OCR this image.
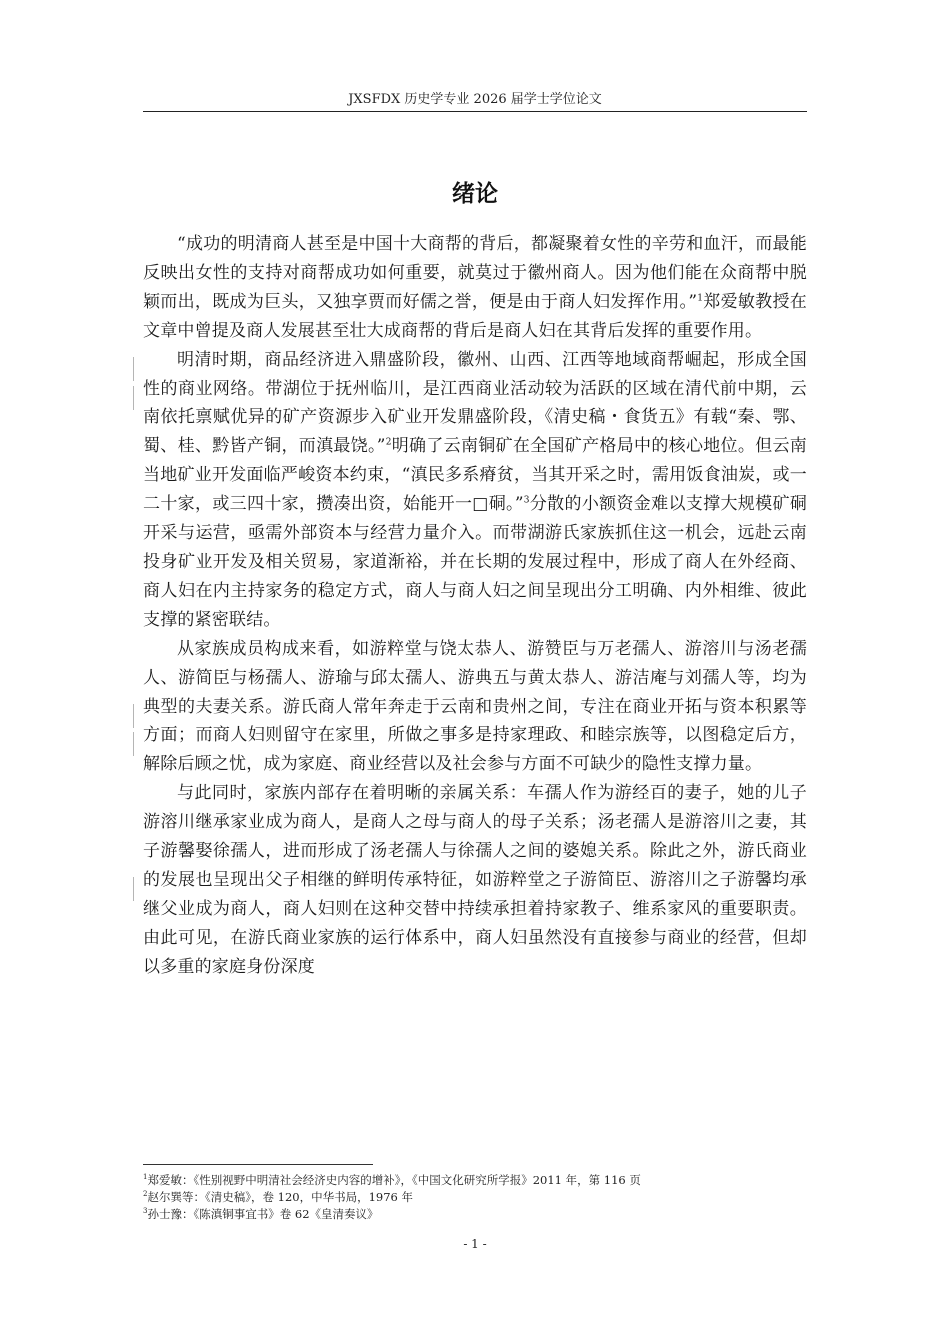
JXSFDX 历史学专业 2026 届学士学位论文
绪论

“成功的明清商人甚至是中国十大商帮的背后，都凝聚着女性的辛劳和血汗，而最能反映出女性的支持对商帮成功如何重要，就莫过于徽州商人。因为他们能在众商帮中脱颖而出，既成为巨头，又独享贾而好儒之誉，便是由于商人妇发挥作用。”$^1$郑爱敏教授在文章中曾提及商人发展甚至壮大成商帮的背后是商人妇在其背后发挥的重要作用。

明清时期，商品经济进入鼎盛阶段，徽州、山西、江西等地域商帮崛起，形成全国性的商业网络。带湖位于抚州临川，是江西商业活动较为活跃的区域在清代前中期，云南依托禀赋优异的矿产资源步入矿业开发鼎盛阶段，《清史稿・食货五》有载“秦、鄂、蜀、桂、黔皆产铜，而滇最饶。”$^2$明确了云南铜矿在全国矿产格局中的核心地位。但云南当地矿业开发面临严峻资本约束，“滇民多系瘠贫，当其开采之时，需用饭食油炭，或一二十家，或三四十家，攒凑出资，始能开一□硐。”$^3$分散的小额资金难以支撑大规模矿硐开采与运营，亟需外部资本与经营力量介入。而带湖游氏家族抓住这一机会，远赴云南投身矿业开发及相关贸易，家道渐裕，并在长期的发展过程中，形成了商人在外经商、商人妇在内主持家务的稳定方式，商人与商人妇之间呈现出分工明确、内外相维、彼此支撑的紧密联结。

从家族成员构成来看，如游粹堂与饶太恭人、游赞臣与万老孺人、游溶川与汤老孺人、游简臣与杨孺人、游瑜与邱太孺人、游典五与黄太恭人、游洁庵与刘孺人等，均为典型的夫妻关系。游氏商人常年奔走于云南和贵州之间，专注在商业开拓与资本积累等方面；而商人妇则留守在家里，所做之事多是持家理政、和睦宗族等，以图稳定后方，解除后顾之忧，成为家庭、商业经营以及社会参与方面不可缺少的隐性支撑力量。

与此同时，家族内部存在着明晰的亲属关系：车孺人作为游经百的妻子，她的儿子游溶川继承家业成为商人，是商人之母与商人的母子关系；汤老孺人是游溶川之妻，其子游馨娶徐孺人，进而形成了汤老孺人与徐孺人之间的婆媳关系。除此之外，游氏商业的发展也呈现出父子相继的鲜明传承特征，如游粹堂之子游简臣、游溶川之子游馨均承继父业成为商人，商人妇则在这种交替中持续承担着持家教子、维系家风的重要职责。由此可见，在游氏商业家族的运行体系中，商人妇虽然没有直接参与商业的经营，但却以多重的家庭身份深度

$^1$郑爱敏：《性别视野中明清社会经济史内容的增补》，《中国文化研究所学报》2011 年，第 116 页
$^2$赵尔巽等：《清史稿》，卷 120，中华书局，1976 年
$^3$孙士豫：《陈滇铜事宜书》卷 62《皇清奏议》
- 1 -
